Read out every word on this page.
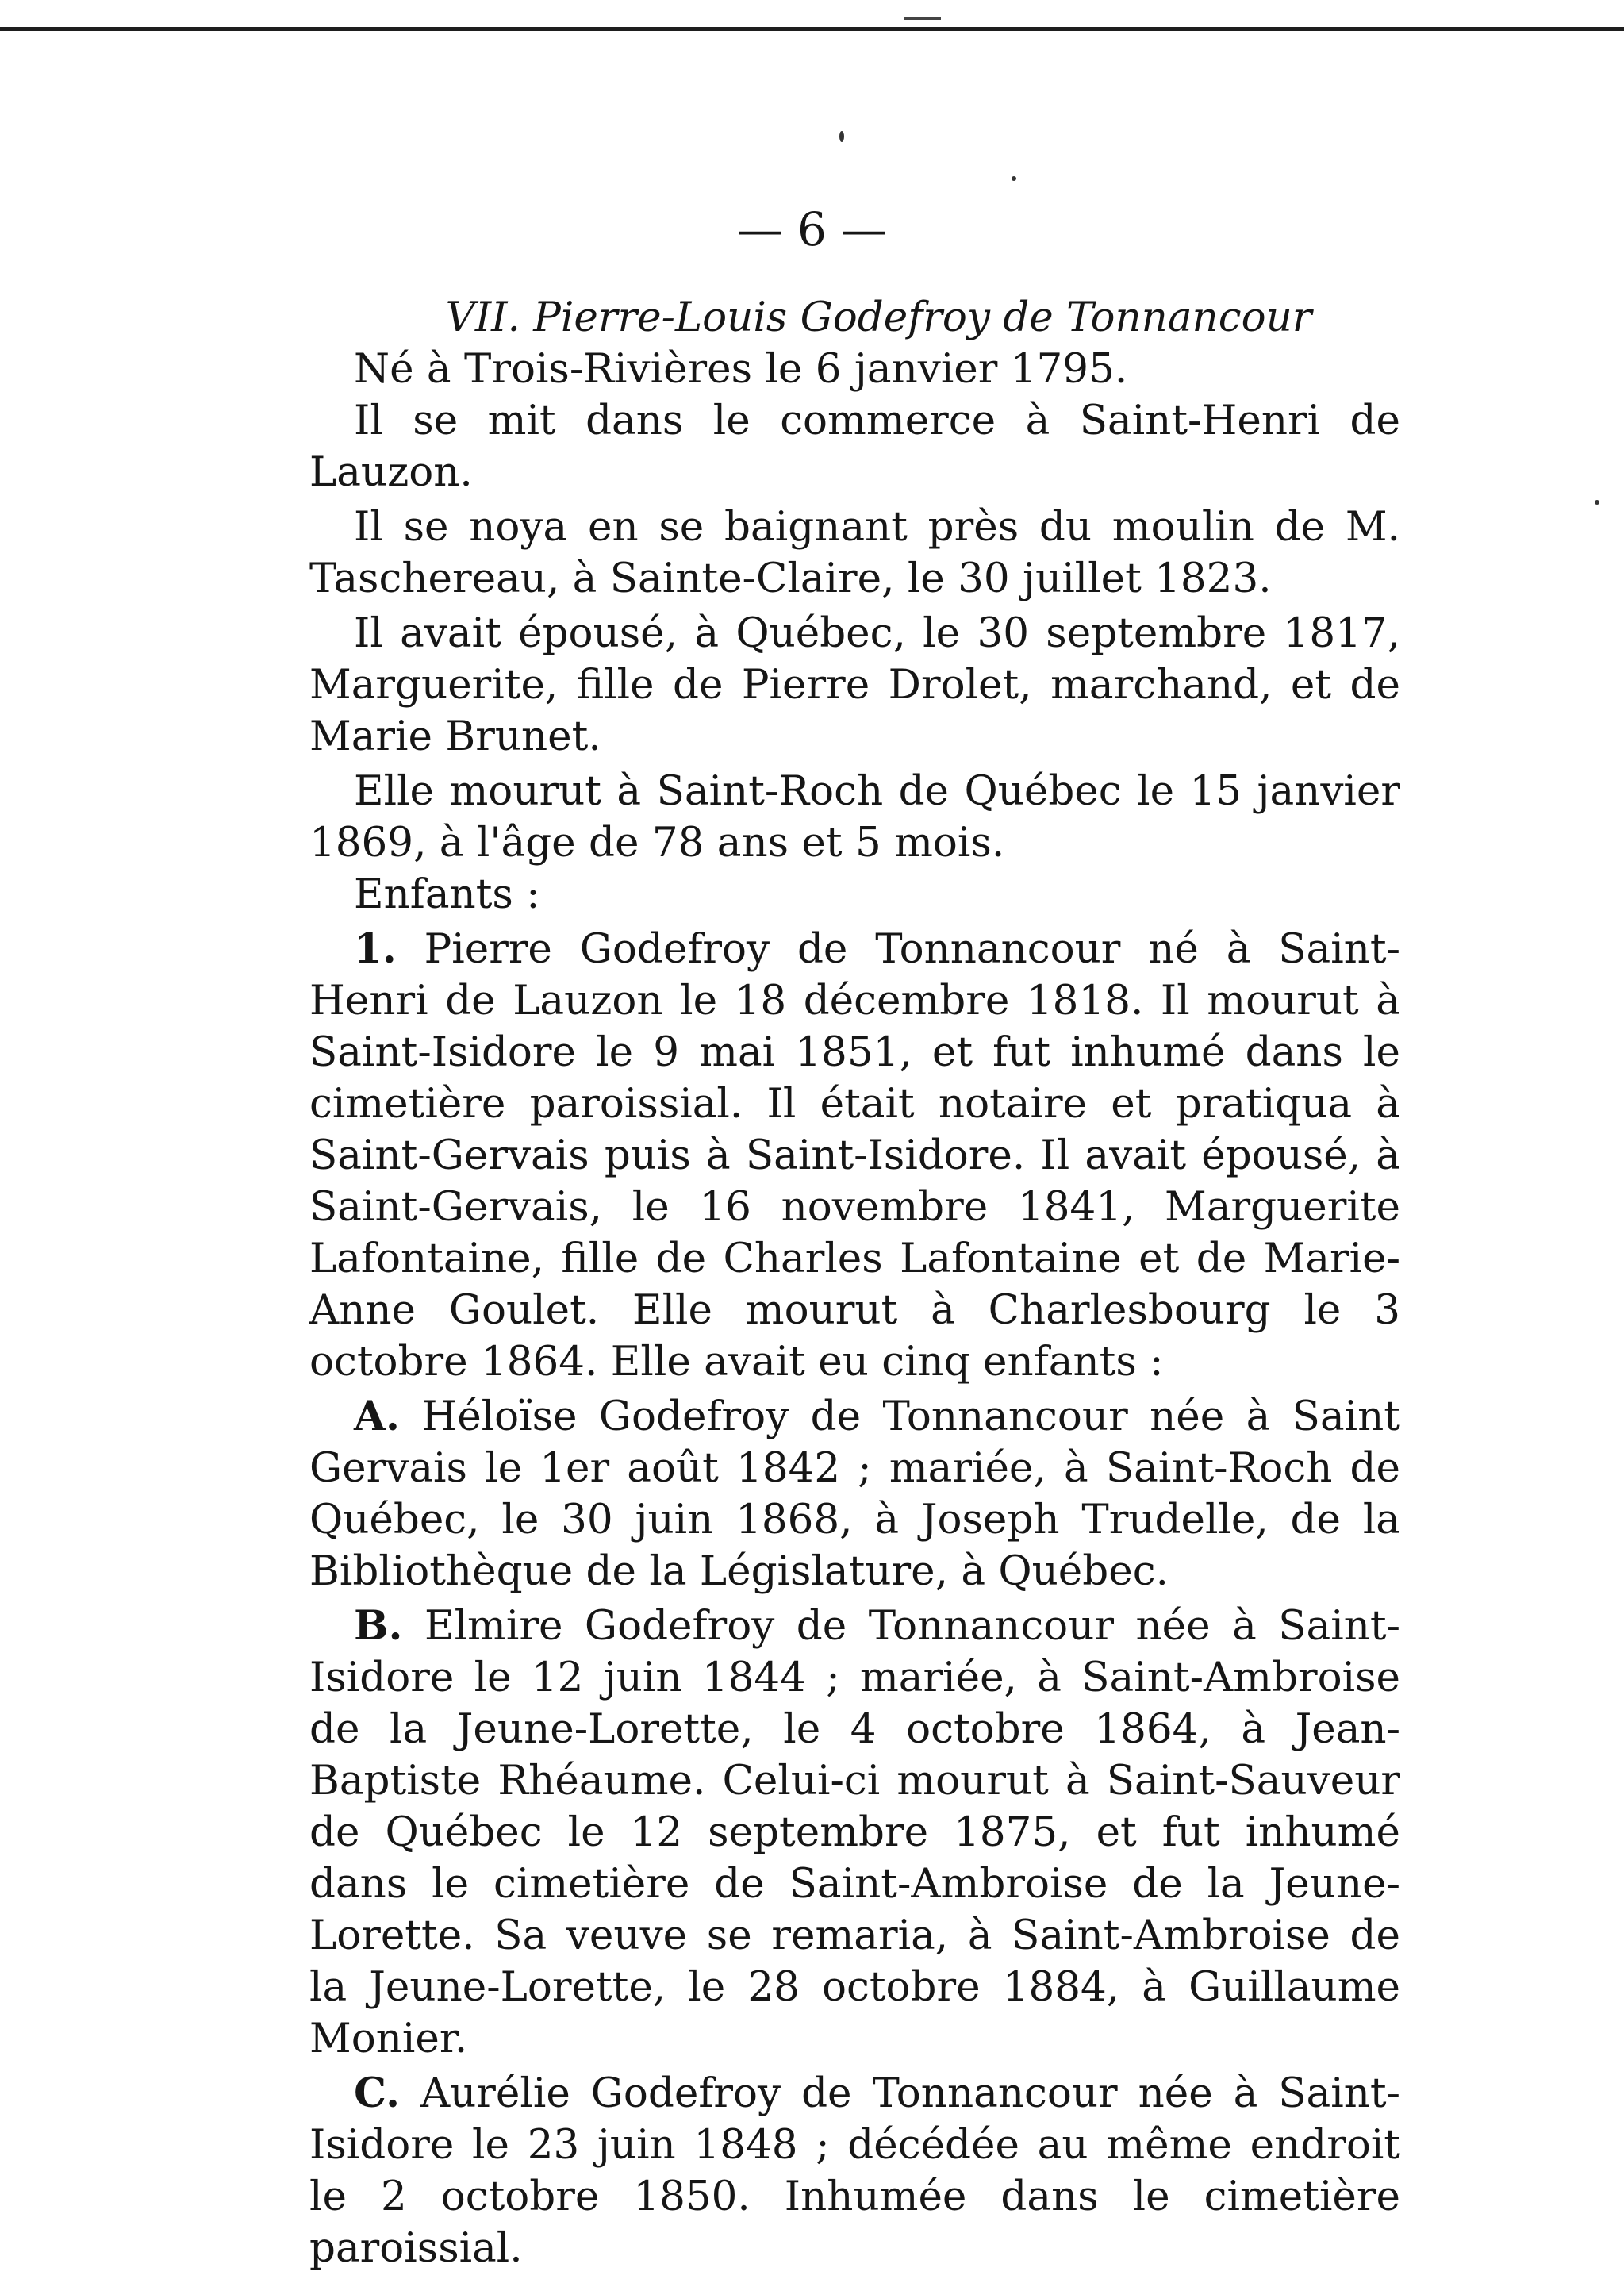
— 6 —
VII. Pierre-Louis Godefroy de Tonnancour

Né à Trois-Rivières le 6 janvier 1795.

Il se mit dans le commerce à Saint-Henri de Lauzon.

Il se noya en se baignant près du moulin de M. Taschereau, à Sainte-Claire, le 30 juillet 1823.

Il avait épousé, à Québec, le 30 septembre 1817, Marguerite, fille de Pierre Drolet, marchand, et de Marie Brunet.

Elle mourut à Saint-Roch de Québec le 15 janvier 1869, à l'âge de 78 ans et 5 mois.

Enfants :

1. Pierre Godefroy de Tonnancour né à Saint-Henri de Lauzon le 18 décembre 1818. Il mourut à Saint-Isidore le 9 mai 1851, et fut inhumé dans le cimetière paroissial. Il était notaire et pratiqua à Saint-Gervais puis à Saint-Isidore. Il avait épousé, à Saint-Gervais, le 16 novembre 1841, Marguerite Lafontaine, fille de Charles Lafontaine et de Marie-Anne Goulet. Elle mourut à Charlesbourg le 3 octobre 1864. Elle avait eu cinq enfants :
A. Héloïse Godefroy de Tonnancour née à Saint Gervais le 1er août 1842 ; mariée, à Saint-Roch de Québec, le 30 juin 1868, à Joseph Trudelle, de la Bibliothèque de la Législature, à Québec.
B. Elmire Godefroy de Tonnancour née à Saint-Isidore le 12 juin 1844 ; mariée, à Saint-Ambroise de la Jeune-Lorette, le 4 octobre 1864, à Jean-Baptiste Rhéaume. Celui-ci mourut à Saint-Sauveur de Québec le 12 septembre 1875, et fut inhumé dans le cimetière de Saint-Ambroise de la Jeune-Lorette. Sa veuve se remaria, à Saint-Ambroise de la Jeune-Lorette, le 28 octobre 1884, à Guillaume Monier.
C. Aurélie Godefroy de Tonnancour née à Saint-Isidore le 23 juin 1848 ; décédée au même endroit le 2 octobre 1850. Inhumée dans le cimetière paroissial.
